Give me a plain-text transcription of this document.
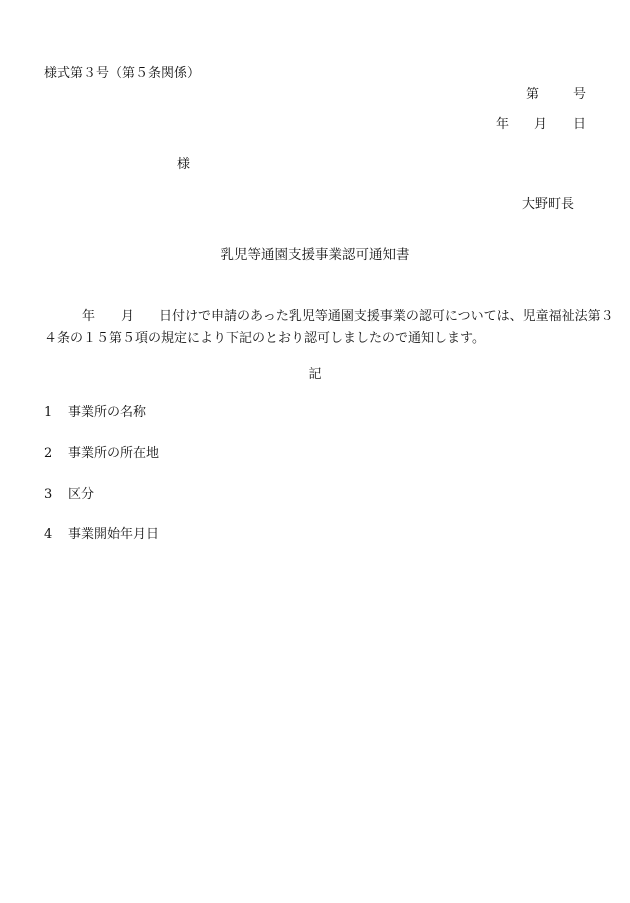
様式第３号（第５条関係）
第	号
年 月 日
様
大野町長
乳児等通園支援事業認可通知書
年 月 日付けで申請のあった乳児等通園支援事業の認可については、児童福祉法第３
４条の１５第５項の規定により下記のとおり認可しましたので通知します。
記
1 事業所の名称
2 事業所の所在地
3 区分
4 事業開始年月日
